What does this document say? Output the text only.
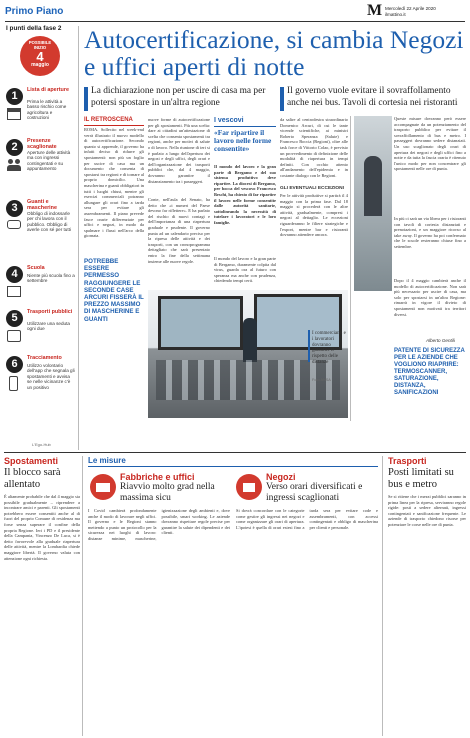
Primo Piano	M Mercoledì 22 Aprile 2020
ilmattino.it
I punti della fase 2
POSSIBILE INIZIO
4
maggio
1	Lista di aperture
Prima le attività a basso rischio come agricoltura e costruzioni
2	Presenze scaglionate
Aperture delle attività ma con ingressi contingentati e su appuntamento
3	Guanti e mascherine
Obbligo di indossarle per chi lavora con il pubblico. Obbligo di averle con sé per tutti
4	Scuola
Niente più scuola fino a settembre
5	Trasporti pubblici
Utilizzare una seduta ogni due
6	Tracciamento
Utilizzo volontario dell'app che segnala gli spostamenti e avvisa se nelle vicinanze c'è un positivo
L'Ego-Hub
Autocertificazione, si cambia Negozi e uffici aperti di notte
La dichiarazione non per uscire di casa ma per potersi spostare in un'altra regione
Il governo vuole evitare il sovraffollamento anche nei bus. Tavoli di cortesia nei ristoranti
IL RETROSCENA
ROMA. Sollecito nel week-end verrà illustrato il nuovo modello di autocertificazione. Secondo quanto si apprende, il governo ha infatti deciso di ridurre gli spostamenti: non più un foglio per uscire di casa ma un documento che consenta di spostarsi tra regioni e di tornare al proprio domicilio. Una mascherina e guanti obbligatori in tutti i luoghi chiusi, mentre gli esercizi commerciali potranno allungare gli orari fino a tarda sera per evitare gli assembramenti. Il piano prevede fasce orarie differenziate per uffici e negozi, in modo da spalmare i flussi nell'arco della giornata.
POTREBBE ESSERE PERMESSO RAGGIUNGERE LE SECONDE CASE ARCURI FISSERÀ IL PREZZO MASSIMO DI MASCHERINE E GUANTI
nuove forme di autocertificazione per gli spostamenti. Più una scelta: dare ai cittadini un'attestazione di scelta che consenta spostamenti tra regioni, anche per motivi di salute o di lavoro. Nella riunione di ieri si è parlato a lungo dell'apertura dei negozi e degli uffici, degli orari e dell'organizzazione dei trasporti pubblici che, dal 4 maggio, dovranno garantire il distanziamento tra i passeggeri.
Conte, nell'aula del Senato, ha detto che «i numeri del Paese devono far riflettere». E ha parlato del rischio di nuovi contagi e dell'importanza di una riapertura graduale e prudente. Il governo punta ad un calendario preciso per la ripresa delle attività e dei trasporti, con un cronoprogramma dettagliato che sarà presentato entro la fine della settimana insieme alle nuove regole.
I vescovi
«Far ripartire il lavoro nelle forme consentite»
Il mondo del lavoro e la gran parte di Bergamo e del suo sistema produttivo deve ripartire. La diocesi di Bergamo, per bocca del vescovo Francesco Beschi, ha chiesto di far ripartire il lavoro nelle forme consentite dalle autorità sanitarie, sottolineando la necessità di tutelare i lavoratori e le loro famiglie.
Il mondo del lavoro e la gran parte di Bergamo, duramente colpita dal virus, guarda ora al futuro con speranza ma anche con prudenza, chiedendo tempi certi.
da salire al centrodestra straordinario Domenico Arcuri, di cui le tante vicende scientifiche, ai ministri Roberto Speranza (Salute) e Francesco Boccia (Regioni), oltre alle task force di Vittorio Colao, è previsto un provvedimento di definizione delle modalità di riapertura in tempi definiti. Con occhio attento all'andamento dell'epidemia e in costante dialogo con le Regioni.
GLI EVENTUALI ECCEZIONI
Per le attività produttive si partirà il 4 maggio con la prima fase. Dal 18 maggio si procederà con le altre attività, gradualmente, compresi i negozi al dettaglio. Le eccezioni riguarderanno le filiere strategiche e l'export, mentre bar e ristoranti dovranno attendere ancora.
I commercianti e i lavoratori dovranno garantire il rispetto delle distanze
Foto ANSA
Queste misure dovranno però essere accompagnate da un potenziamento del trasporto pubblico per evitare il sovraffollamento di bus e metro. I passeggeri dovranno sedere distanziati. Un uso scaglionato degli orari di apertura dei negozi e degli uffici fino a notte e da tutta la fascia oraria è ritenuto l'unico modo per non concentrare gli spostamenti nelle ore di punta.
In più ci sarà un via libera per i ristoranti con tavoli di cortesia distanziati e prenotazioni, e un maggiore ricorso al take away. Il governo ha poi confermato che le scuole resteranno chiuse fino a settembre.
Dopo il 4 maggio cambierà anche il modello di autocertificazione. Non sarà più necessario per uscire di casa, ma solo per spostarsi in un'altra Regione: rimarrà in vigore il divieto di spostamenti non motivati tra territori diversi.
Alberto Gentili
PATENTE DI SICUREZZA PER LE AZIENDE CHE VOGLIONO RIAPRIRE: TERMOSCANNER, SATURAZIONE, DISTANZA, SANIFICAZIONI
Spostamenti
Il blocco sarà allentato
È altamente probabile che dal 4 maggio sia possibile gradualmente – riprendere a incontrare amici e parenti. Gli spostamenti potrebbero essere consentiti anche al di fuori del proprio Comune di residenza ma forse senza superare il confine della propria Regione. Ieri i PD e il presidente della Campania, Vincenzo De Luca, si è detto favorevole alla graduale riapertura delle attività, mentre la Lombardia chiede maggiore libertà. Il governo valuta con attenzione ogni richiesta.
Le misure
Fabbriche e uffici
Riavvio molto grad nella massima sicu
I Covid cambierà profondamente anche il modo di lavorare negli uffici. Il governo e le Regioni stanno mettendo a punto un protocollo per la sicurezza nei luoghi di lavoro: distanze minime, mascherine, igienizzazione degli ambienti e, dove possibile, smart working. Le aziende dovranno rispettare regole precise per garantire la salute dei dipendenti e dei clienti.
Negozi
Verso orari diversificati e ingressi scaglionati
Si dovrà concordare con le categorie come gestire gli ingressi nei negozi e come organizzare gli orari di apertura. L'ipotesi è quella di orari estesi fino a tarda sera per evitare code e assembramenti, con accessi contingentati e obbligo di mascherina per clienti e personale.
Trasporti
Posti limitati su bus e metro
Se si ritiene che i mezzi pubblici saranno in prima linea per la ripresa, serviranno regole rigide: posti a sedere alternati, ingressi contingentati e sanificazione frequente. Le aziende di trasporto chiedono risorse per potenziare le corse nelle ore di punta.
